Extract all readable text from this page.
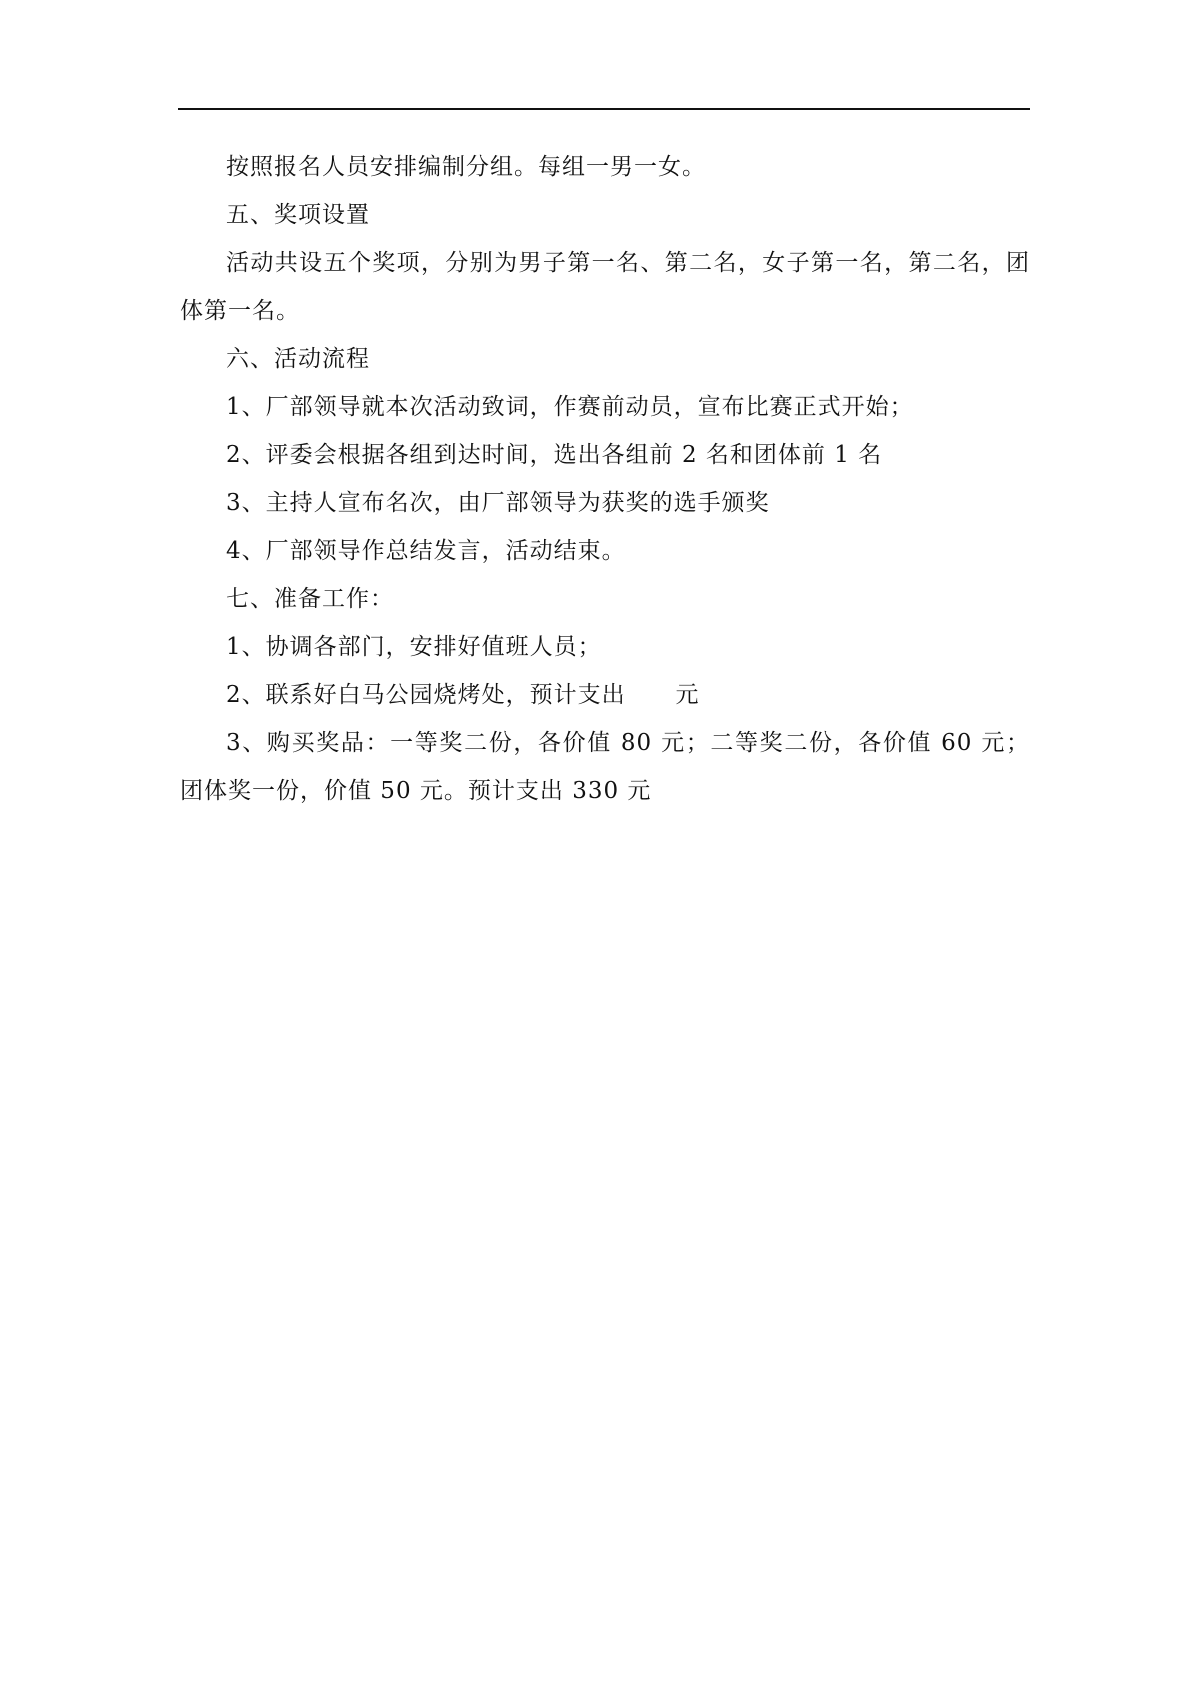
按照报名人员安排编制分组。每组一男一女。

五、奖项设置

活动共设五个奖项，分别为男子第一名、第二名，女子第一名，第二名，团体第一名。

六、活动流程

1、厂部领导就本次活动致词，作赛前动员，宣布比赛正式开始；

2、评委会根据各组到达时间，选出各组前 2 名和团体前 1 名

3、主持人宣布名次，由厂部领导为获奖的选手颁奖

4、厂部领导作总结发言，活动结束。

七、准备工作：

1、协调各部门，安排好值班人员；

2、联系好白马公园烧烤处，预计支出      元

3、购买奖品：一等奖二份，各价值 80 元；二等奖二份，各价值 60 元；团体奖一份，价值 50 元。预计支出 330 元
